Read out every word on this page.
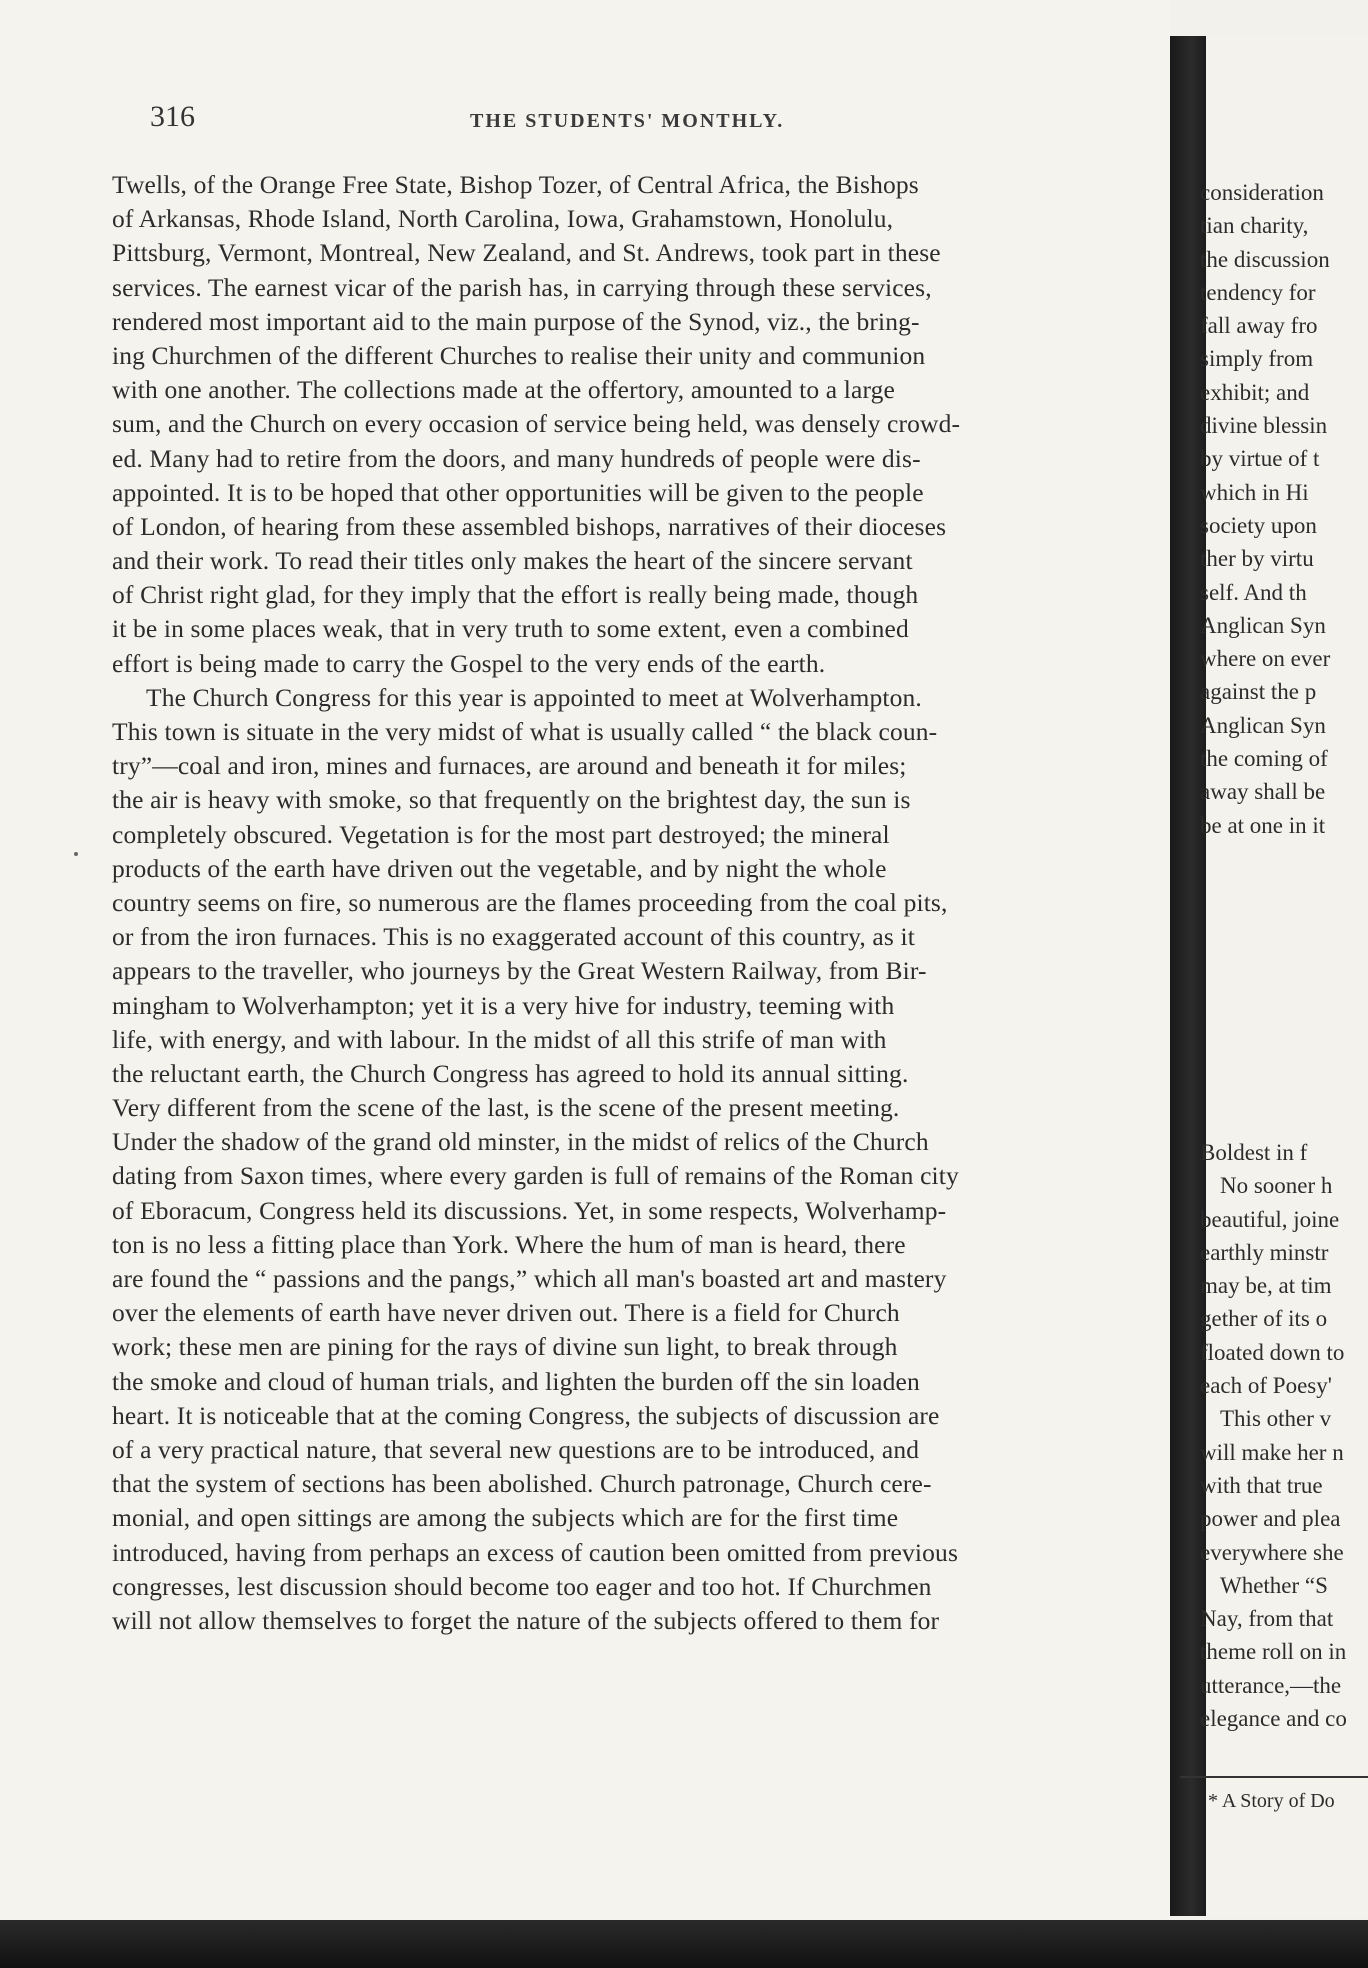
316	THE STUDENTS' MONTHLY.
Twells, of the Orange Free State, Bishop Tozer, of Central Africa, the Bishops
of Arkansas, Rhode Island, North Carolina, Iowa, Grahamstown, Honolulu,
Pittsburg, Vermont, Montreal, New Zealand, and St. Andrews, took part in these
services. The earnest vicar of the parish has, in carrying through these services,
rendered most important aid to the main purpose of the Synod, viz., the bring-
ing Churchmen of the different Churches to realise their unity and communion
with one another. The collections made at the offertory, amounted to a large
sum, and the Church on every occasion of service being held, was densely crowd-
ed. Many had to retire from the doors, and many hundreds of people were dis-
appointed. It is to be hoped that other opportunities will be given to the people
of London, of hearing from these assembled bishops, narratives of their dioceses
and their work. To read their titles only makes the heart of the sincere servant
of Christ right glad, for they imply that the effort is really being made, though
it be in some places weak, that in very truth to some extent, even a combined
effort is being made to carry the Gospel to the very ends of the earth.
The Church Congress for this year is appointed to meet at Wolverhampton.
This town is situate in the very midst of what is usually called “ the black coun-
try”—coal and iron, mines and furnaces, are around and beneath it for miles;
the air is heavy with smoke, so that frequently on the brightest day, the sun is
completely obscured. Vegetation is for the most part destroyed; the mineral
products of the earth have driven out the vegetable, and by night the whole
country seems on fire, so numerous are the flames proceeding from the coal pits,
or from the iron furnaces. This is no exaggerated account of this country, as it
appears to the traveller, who journeys by the Great Western Railway, from Bir-
mingham to Wolverhampton; yet it is a very hive for industry, teeming with
life, with energy, and with labour. In the midst of all this strife of man with
the reluctant earth, the Church Congress has agreed to hold its annual sitting.
Very different from the scene of the last, is the scene of the present meeting.
Under the shadow of the grand old minster, in the midst of relics of the Church
dating from Saxon times, where every garden is full of remains of the Roman city
of Eboracum, Congress held its discussions. Yet, in some respects, Wolverhamp-
ton is no less a fitting place than York. Where the hum of man is heard, there
are found the “ passions and the pangs,” which all man's boasted art and mastery
over the elements of earth have never driven out. There is a field for Church
work; these men are pining for the rays of divine sun light, to break through
the smoke and cloud of human trials, and lighten the burden off the sin loaden
heart. It is noticeable that at the coming Congress, the subjects of discussion are
of a very practical nature, that several new questions are to be introduced, and
that the system of sections has been abolished. Church patronage, Church cere-
monial, and open sittings are among the subjects which are for the first time
introduced, having from perhaps an excess of caution been omitted from previous
congresses, lest discussion should become too eager and too hot. If Churchmen
will not allow themselves to forget the nature of the subjects offered to them for
consideration
tian charity,
the discussion
tendency for
fall away fro
simply from
exhibit; and
divine blessin
by virtue of t
which in Hi
society upon
ther by virtu
self. And th
Anglican Syn
where on ever
against the p
Anglican Syn
the coming of
away shall be
be at one in it
Boldest in f
No sooner h
beautiful, joine
earthly minstr
may be, at tim
gether of its o
floated down to
each of Poesy'
This other v
will make her n
with that true
power and plea
everywhere she
Whether “S
Nay, from that
theme roll on in
utterance,—the
elegance and co
* A Story of Do
